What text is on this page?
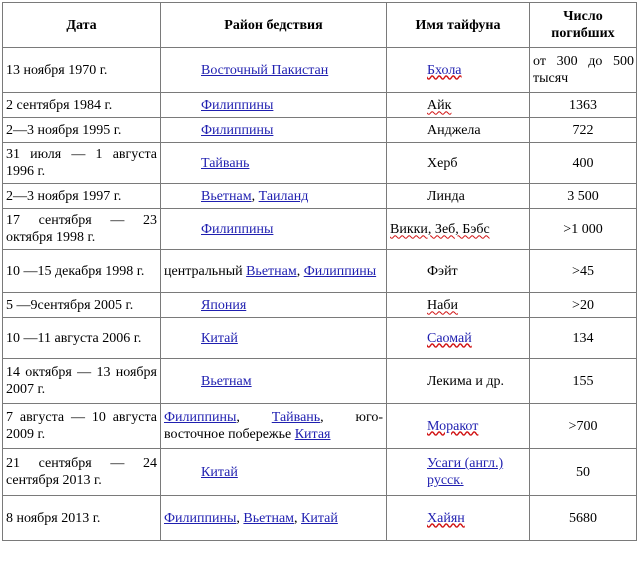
Дата	Район бедствия	Имя тайфуна	Число погибших
13 ноября 1970 г.	Восточный Пакистан	Бхола	от 300 до 500 тысяч
2 сентября 1984 г.	Филиппины	Айк	1363
2—3 ноября 1995 г.	Филиппины	Анджела	722
31 июля — 1 августа 1996 г.	Тайвань	Херб	400
2—3 ноября 1997 г.	Вьетнам, Таиланд	Линда	3 500
17 сентября — 23 октября 1998 г.	Филиппины	Викки, Зеб, Бэбс	>1 000
10 —15 декабря 1998 г.	центральный Вьетнам, Филиппины	Фэйт	>45
5 —9сентября 2005 г.	Япония	Наби	>20
10 —11 августа 2006 г.	Китай	Саомай	134
14 октября — 13 ноября 2007 г.	Вьетнам	Лекима и др.	155
7 августа — 10 августа 2009 г.	Филиппины, Тайвань, юго-восточное побережье Китая	Моракот	>700
21 сентября — 24 сентября 2013 г.	Китай	Усаги (англ.) русск.	50
8 ноября 2013 г.	Филиппины, Вьетнам, Китай	Хайян	5680
